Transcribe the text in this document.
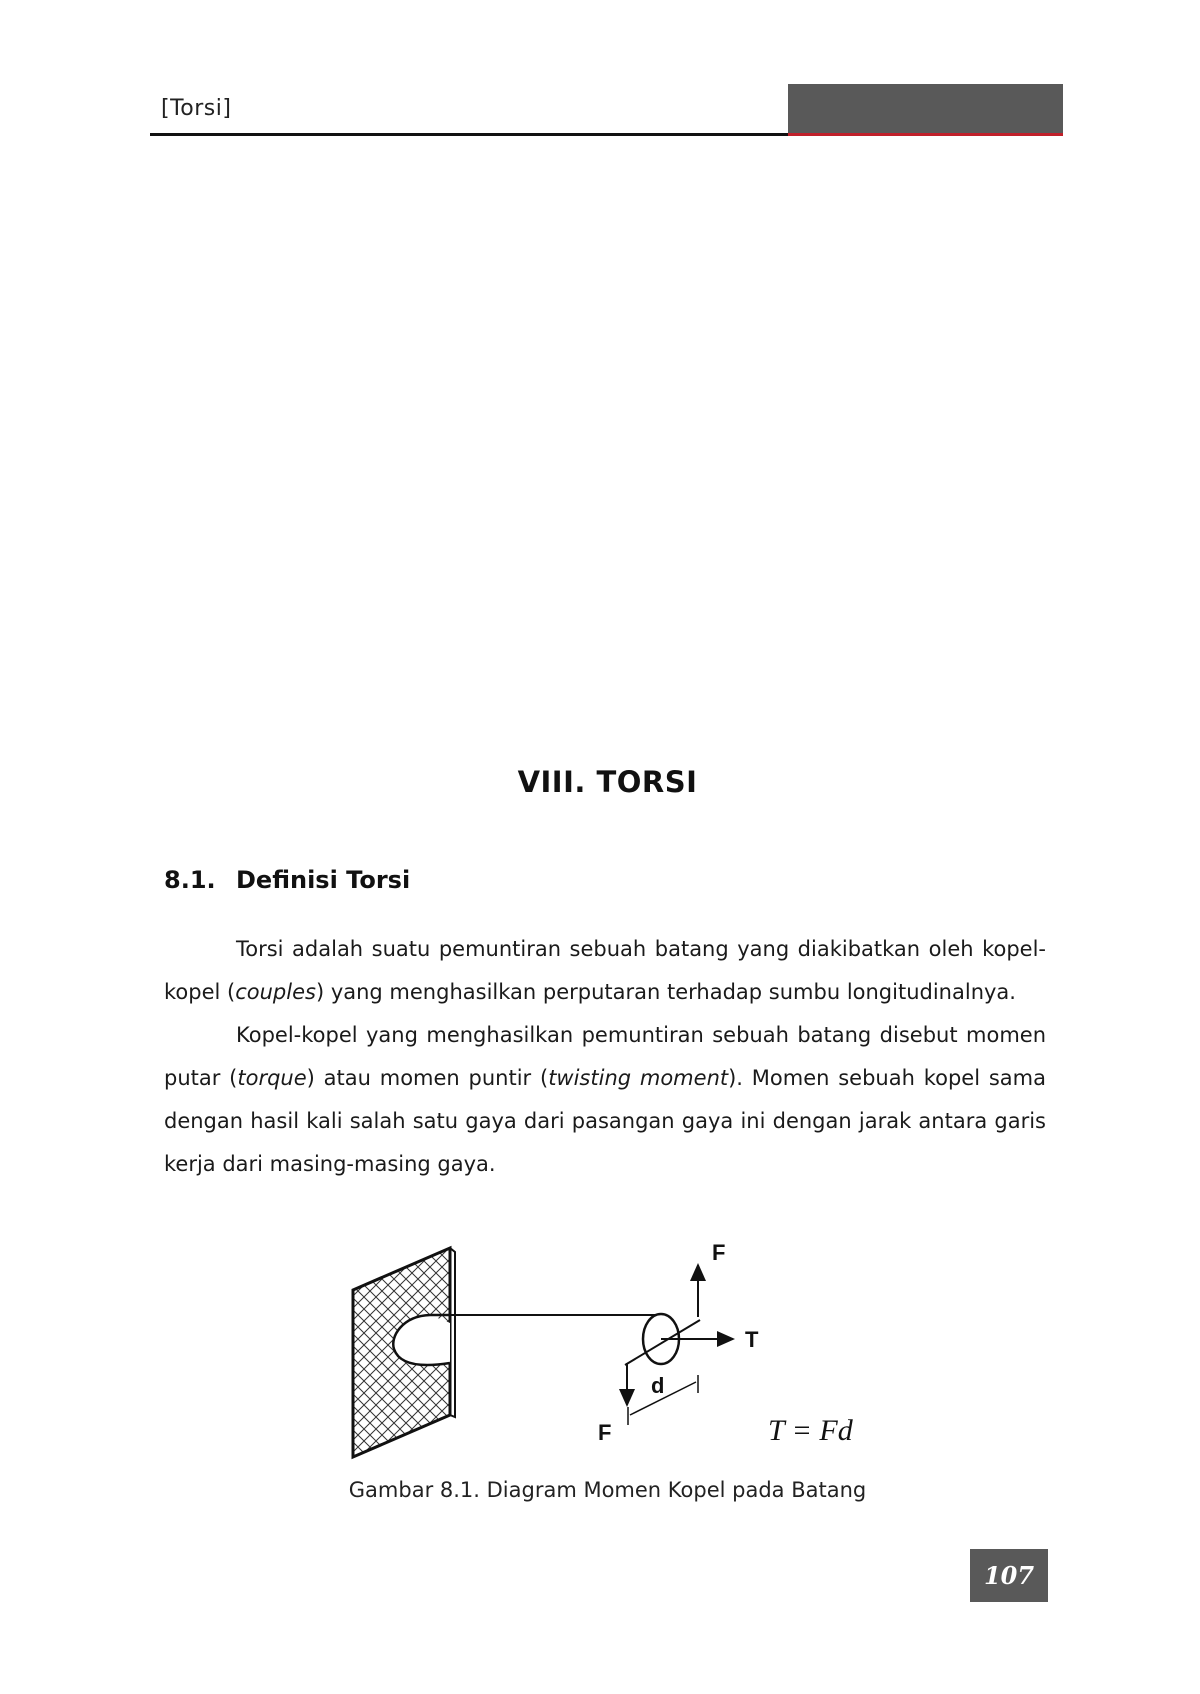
[Torsi]
VIII. TORSI
8.1. Definisi Torsi

Torsi adalah suatu pemuntiran sebuah batang yang diakibatkan oleh kopel-kopel (couples) yang menghasilkan perputaran terhadap sumbu longitudinalnya.

Kopel-kopel yang menghasilkan pemuntiran sebuah batang disebut momen putar (torque) atau momen puntir (twisting moment). Momen sebuah kopel sama dengan hasil kali salah satu gaya dari pasangan gaya ini dengan jarak antara garis kerja dari masing-masing gaya.

F
T
d
F	T = Fd
Gambar 8.1. Diagram Momen Kopel pada Batang
107
